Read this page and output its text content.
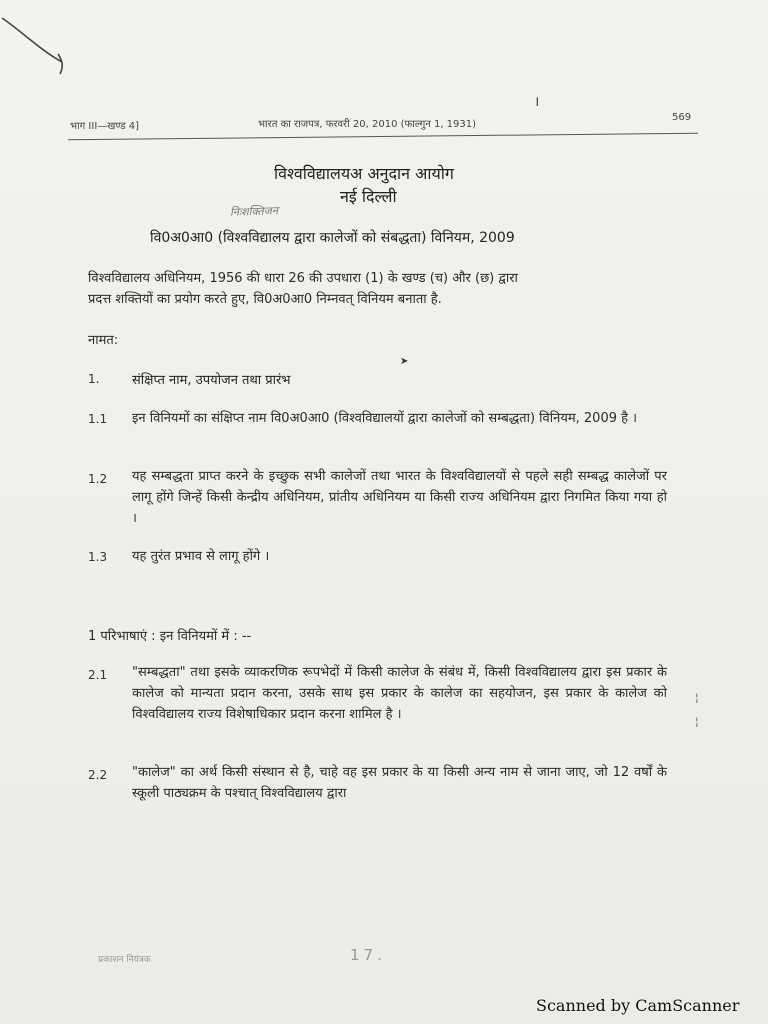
।
भाग III—खण्ड 4]	भारत का राजपत्र, फरवरी 20, 2010 (फाल्गुन 1, 1931)
569
विश्वविद्यालयअ अनुदान आयोग
नई दिल्ली
निःशक्तिजन
वि0अ0आ0 (विश्वविद्यालय द्वारा कालेजों को संबद्धता) विनियम, 2009
विश्वविद्यालय अधिनियम, 1956 की धारा 26 की उपधारा (1) के खण्ड (च) और (छ) द्वारा
प्रदत्त शक्तियों का प्रयोग करते हुए, वि0अ0आ0 निम्नवत् विनियम बनाता है.
नामत:
➤
1.	संक्षिप्त नाम, उपयोजन तथा प्रारंभ
1.1 इन विनियमों का संक्षिप्त नाम वि0अ0आ0 (विश्वविद्यालयों द्वारा कालेजों को सम्बद्धता) विनियम, 2009 है ।
1.2 यह सम्बद्धता प्राप्त करने के इच्छुक सभी कालेजों तथा भारत के विश्वविद्यालयों से पहले सही सम्बद्ध कालेजों पर लागू होंगे जिन्हें किसी केन्द्रीय अधिनियम, प्रांतीय अधिनियम या किसी राज्य अधिनियम द्वारा निगमित किया गया हो ।
1.3 यह तुरंत प्रभाव से लागू होंगे ।
1 परिभाषाएं : इन विनियमों में : --
2.1 "सम्बद्धता" तथा इसके व्याकरणिक रूपभेदों में किसी कालेज के संबंध में, किसी विश्वविद्यालय द्वारा इस प्रकार के कालेज को मान्यता प्रदान करना, उसके साथ इस प्रकार के कालेज का सहयोजन, इस प्रकार के कालेज को विश्वविद्यालय राज्य विशेषाधिकार प्रदान करना शामिल है ।
¦

¦
2.2 "कालेज" का अर्थ किसी संस्थान से है, चाहे वह इस प्रकार के या किसी अन्य नाम से जाना जाए, जो 12 वर्षों के स्कूली पाठ्यक्रम के पश्चात् विश्वविद्यालय द्वारा
प्रकाशन नियंत्रक	17.
Scanned by CamScanner
